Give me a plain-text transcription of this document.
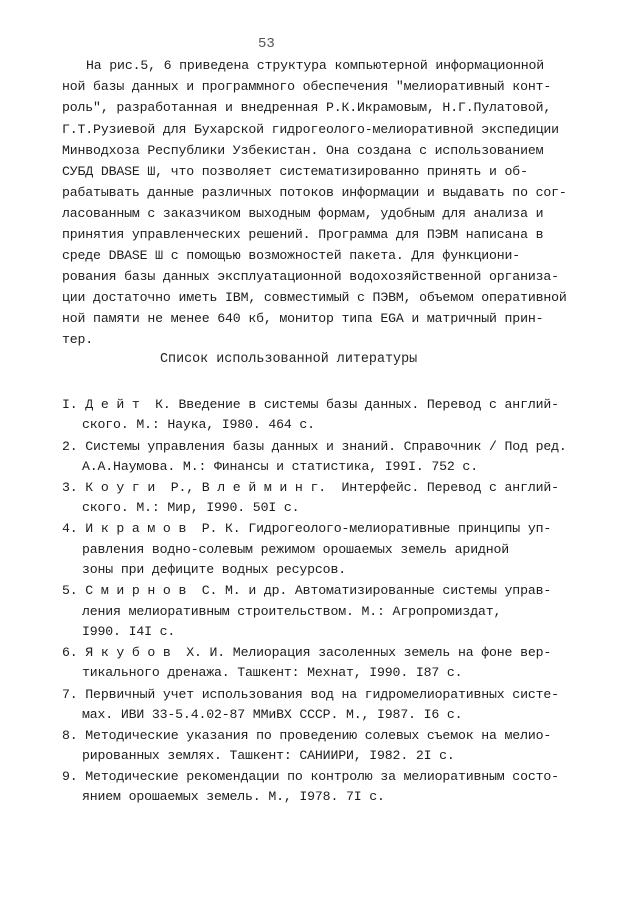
53
На рис.5, 6 приведена структура компьютерной информационной
ной базы данных и программного обеспечения "мелиоративный конт-
роль", разработанная и внедренная Р.К.Икрамовым, Н.Г.Пулатовой,
Г.Т.Рузиевой для Бухарской гидрогеолого-мелиоративной экспедиции
Минводхоза Республики Узбекистан. Она создана с использованием
СУБД DBASE Ш, что позволяет систематизированно принять и об-
рабатывать данные различных потоков информации и выдавать по сог-
ласованным с заказчиком выходным формам, удобным для анализа и
принятия управленческих решений. Программа для ПЭВМ написана в
среде DBASE Ш с помощью возможностей пакета. Для функциони-
рования базы данных эксплуатационной водохозяйственной организа-
ции достаточно иметь IBM, совместимый с ПЭВМ, объемом оперативной
ной памяти не менее 640 кб, монитор типа EGA и матричный прин-
тер.
Список использованной литературы
I. Д е й т  К. Введение в системы базы данных. Перевод с англий-
ского. М.: Наука, I980. 464 с.
2. Системы управления базы данных и знаний. Справочник / Под ред.
А.А.Наумова. М.: Финансы и статистика, I99I. 752 с.
3. К о у г и  Р., В л е й м и н г.  Интерфейс. Перевод с англий-
ского. М.: Мир, I990. 50I с.
4. И к р а м о в  Р. К. Гидрогеолого-мелиоративные принципы уп-
равления водно-солевым режимом орошаемых земель аридной
зоны при дефиците водных ресурсов.
5. С м и р н о в  С. М. и др. Автоматизированные системы управ-
ления мелиоративным строительством. М.: Агропромиздат,
I990. I4I с.
6. Я к у б о в  Х. И. Мелиорация засоленных земель на фоне вер-
тикального дренажа. Ташкент: Мехнат, I990. I87 с.
7. Первичный учет использования вод на гидромелиоративных систе-
мах. ИВИ 33-5.4.02-87 ММиВХ СССР. М., I987. I6 с.
8. Методические указания по проведению солевых съемок на мелио-
рированных землях. Ташкент: САНИИРИ, I982. 2I с.
9. Методические рекомендации по контролю за мелиоративным состо-
янием орошаемых земель. М., I978. 7I с.
